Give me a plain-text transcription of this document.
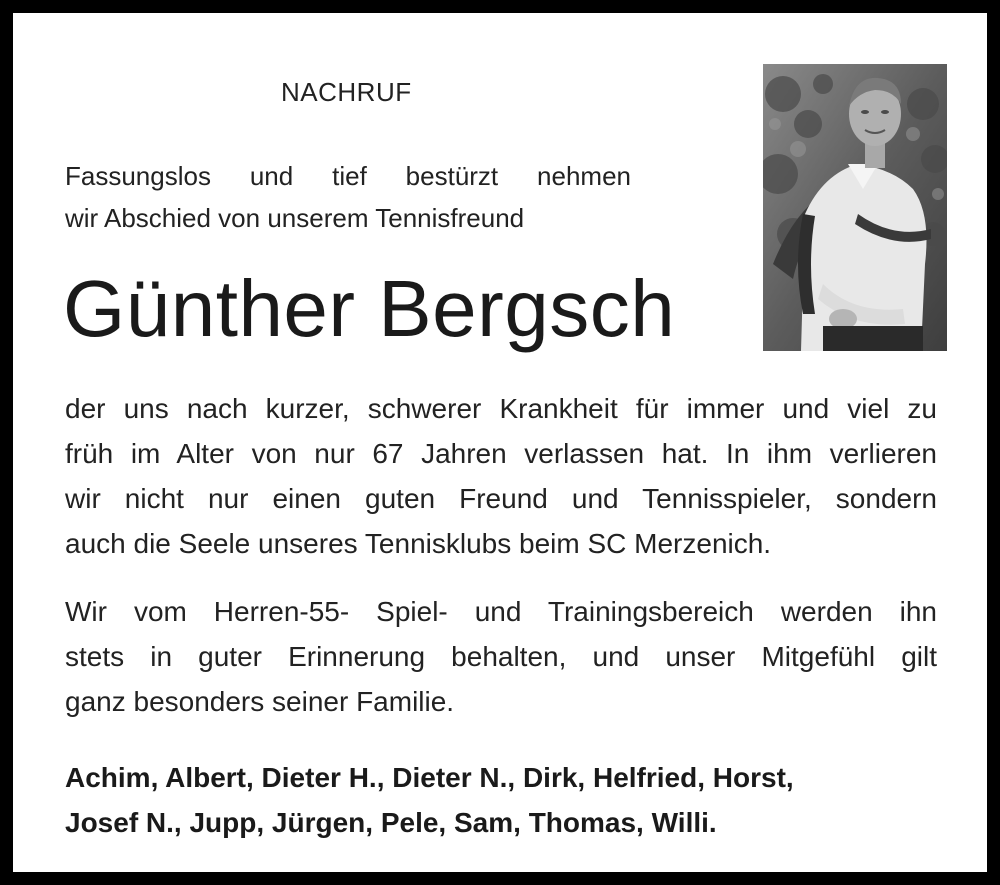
NACHRUF

Fassungslos und tief bestürzt nehmen

wir Abschied von unserem Tennisfreund

Günther Bergsch
der uns nach kurzer, schwerer Krankheit für immer und viel zu
früh im Alter von nur 67 Jahren verlassen hat. In ihm verlieren
wir nicht nur einen guten Freund und Tennisspieler, sondern
auch die Seele unseres Tennisklubs beim SC Merzenich.
Wir vom Herren-55- Spiel- und Trainingsbereich werden ihn
stets in guter Erinnerung behalten, und unser Mitgefühl gilt
ganz besonders seiner Familie.
Achim, Albert, Dieter H., Dieter N., Dirk, Helfried, Horst,
Josef N., Jupp, Jürgen, Pele, Sam, Thomas, Willi.
